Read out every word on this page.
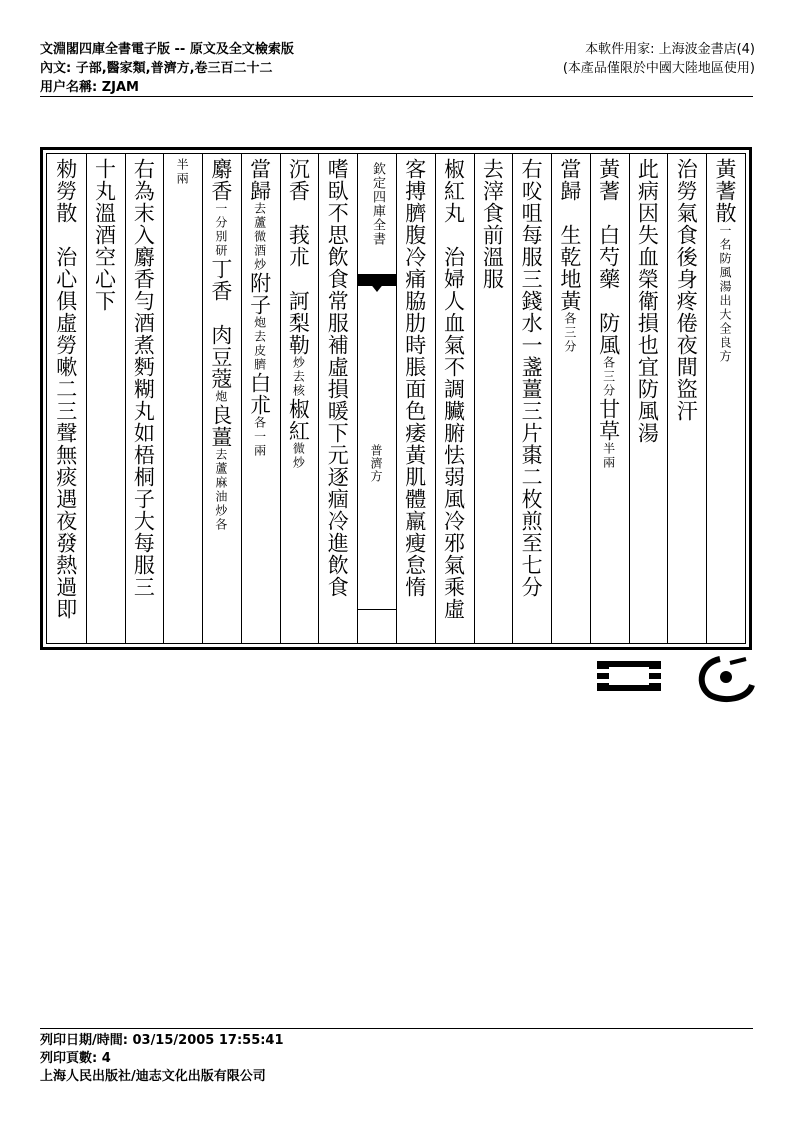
文淵閣四庫全書電子版 -- 原文及全文檢索版
內文: 子部,醫家類,普濟方,卷三百二十二
用户名稱: ZJAM
本軟件用家: 上海波金書店(4)
(本產品僅限於中國大陸地區使用)
黃蓍散一名防風湯出大全良方
治勞氣食後身疼倦夜間盜汗
此病因失血榮衛損也宜防風湯
黃蓍　白芍藥　防風各三分甘草半兩
當歸　生乾地黃各三分
右㕮咀每服三錢水一盞薑三片棗二枚煎至七分
去滓食前溫服
椒紅丸　治婦人血氣不調臟腑怯弱風冷邪氣乘虛
客搏臍腹冷痛脇肋時脹面色痿黃肌體羸瘦怠惰
欽定四庫全書
普濟方
嗜臥不思飲食常服補虛損暖下元逐痼冷進飲食
沉香　莪朮　訶梨勒炒去核椒紅微炒
當歸去蘆微酒炒附子炮去皮臍白朮各一兩
麝香一分別研丁香　肉豆蔻炮良薑去蘆麻油炒各
半兩
右為末入麝香勻酒煮麪糊丸如梧桐子大每服三
十丸溫酒空心下
勑勞散　治心俱虛勞嗽二三聲無痰遇夜發熱過即
列印日期/時間: 03/15/2005 17:55:41
列印頁數: 4
上海人民出版社/迪志文化出版有限公司
